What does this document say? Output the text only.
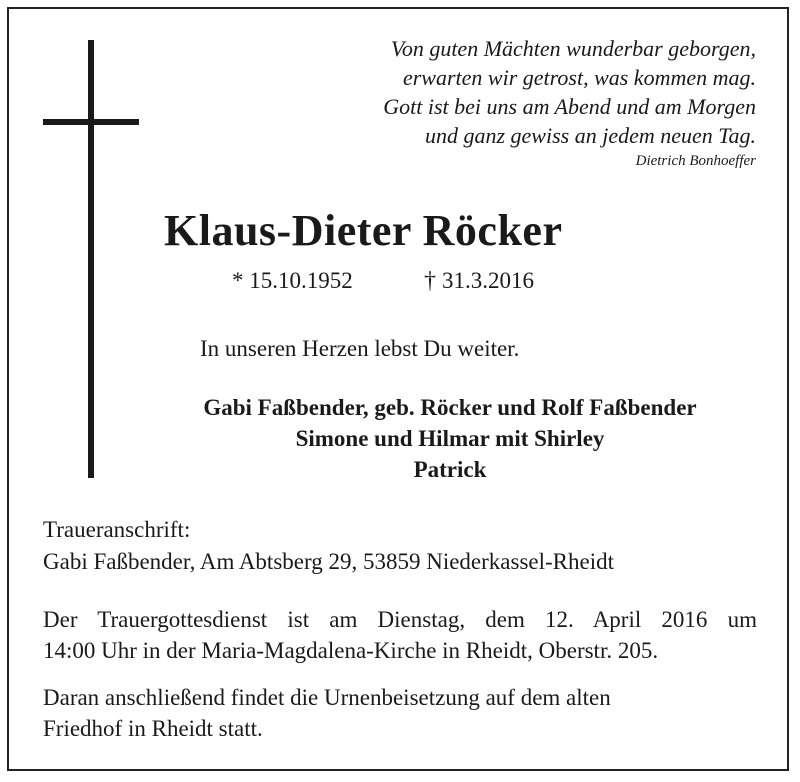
Von guten Mächten wunderbar geborgen,
erwarten wir getrost, was kommen mag.
Gott ist bei uns am Abend und am Morgen
und ganz gewiss an jedem neuen Tag.
Dietrich Bonhoeffer
Klaus-Dieter Röcker
* 15.10.1952	† 31.3.2016
In unseren Herzen lebst Du weiter.
Gabi Faßbender, geb. Röcker und Rolf Faßbender
Simone und Hilmar mit Shirley
Patrick
Traueranschrift:
Gabi Faßbender, Am Abtsberg 29, 53859 Niederkassel-Rheidt
Der Trauergottesdienst ist am Dienstag, dem 12. April 2016 um
14:00 Uhr in der Maria-Magdalena-Kirche in Rheidt, Oberstr. 205.
Daran anschließend findet die Urnenbeisetzung auf dem alten
Friedhof in Rheidt statt.
